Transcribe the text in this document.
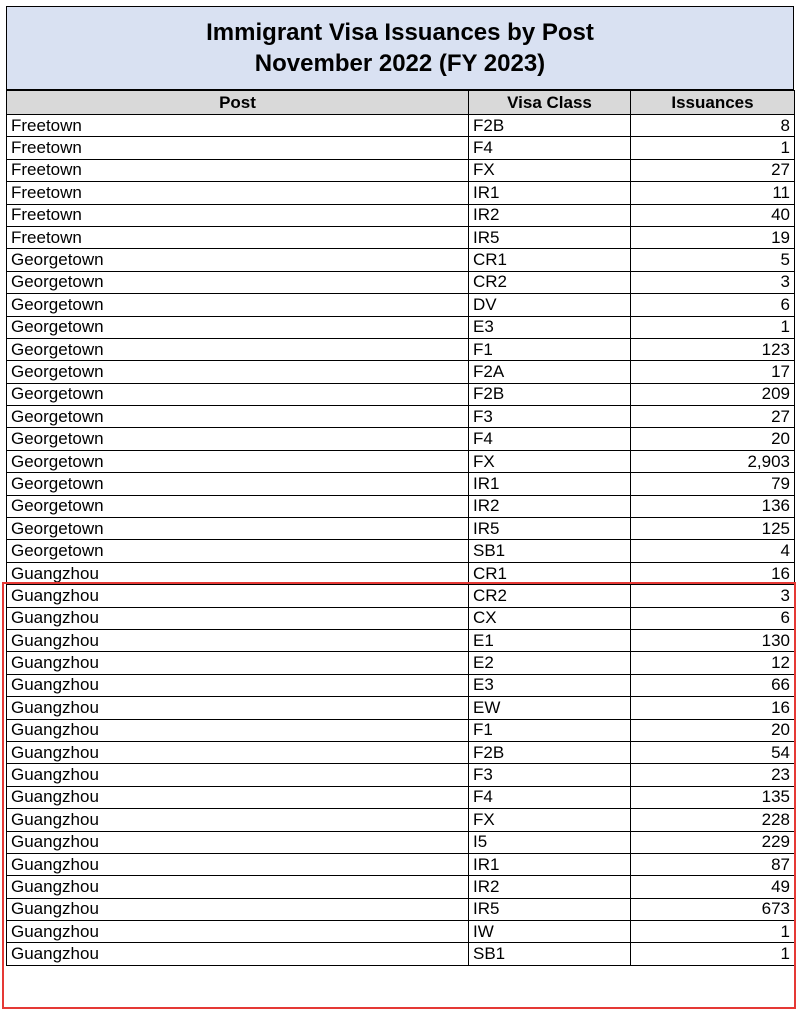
Immigrant Visa Issuances by Post
November 2022 (FY 2023)
Post	Visa Class	Issuances
Freetown	F2B	8
Freetown	F4	1
Freetown	FX	27
Freetown	IR1	11
Freetown	IR2	40
Freetown	IR5	19
Georgetown	CR1	5
Georgetown	CR2	3
Georgetown	DV	6
Georgetown	E3	1
Georgetown	F1	123
Georgetown	F2A	17
Georgetown	F2B	209
Georgetown	F3	27
Georgetown	F4	20
Georgetown	FX	2,903
Georgetown	IR1	79
Georgetown	IR2	136
Georgetown	IR5	125
Georgetown	SB1	4
Guangzhou	CR1	16
Guangzhou	CR2	3
Guangzhou	CX	6
Guangzhou	E1	130
Guangzhou	E2	12
Guangzhou	E3	66
Guangzhou	EW	16
Guangzhou	F1	20
Guangzhou	F2B	54
Guangzhou	F3	23
Guangzhou	F4	135
Guangzhou	FX	228
Guangzhou	I5	229
Guangzhou	IR1	87
Guangzhou	IR2	49
Guangzhou	IR5	673
Guangzhou	IW	1
Guangzhou	SB1	1
